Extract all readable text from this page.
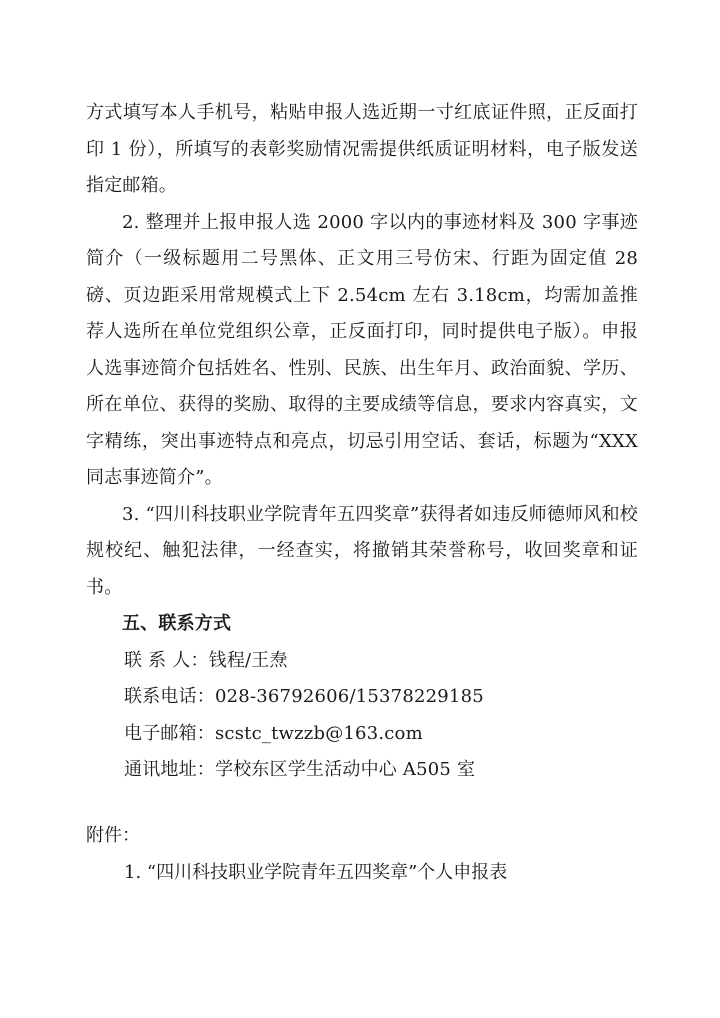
方式填写本人手机号，粘贴申报人选近期一寸红底证件照，正反面打印 1 份），所填写的表彰奖励情况需提供纸质证明材料，电子版发送指定邮箱。

2. 整理并上报申报人选 2000 字以内的事迹材料及 300 字事迹简介（一级标题用二号黑体、正文用三号仿宋、行距为固定值 28 磅、页边距采用常规模式上下 2.54cm 左右 3.18cm，均需加盖推荐人选所在单位党组织公章，正反面打印，同时提供电子版）。申报人选事迹简介包括姓名、性别、民族、出生年月、政治面貌、学历、所在单位、获得的奖励、取得的主要成绩等信息，要求内容真实，文字精练，突出事迹特点和亮点，切忌引用空话、套话，标题为“XXX 同志事迹简介”。

3. “四川科技职业学院青年五四奖章”获得者如违反师德师风和校规校纪、触犯法律，一经查实，将撤销其荣誉称号，收回奖章和证书。

五、联系方式

联 系 人：钱程/王焘

联系电话：028-36792606/15378229185

电子邮箱：scstc_twzzb@163.com

通讯地址：学校东区学生活动中心 A505 室

附件：

1. “四川科技职业学院青年五四奖章”个人申报表
